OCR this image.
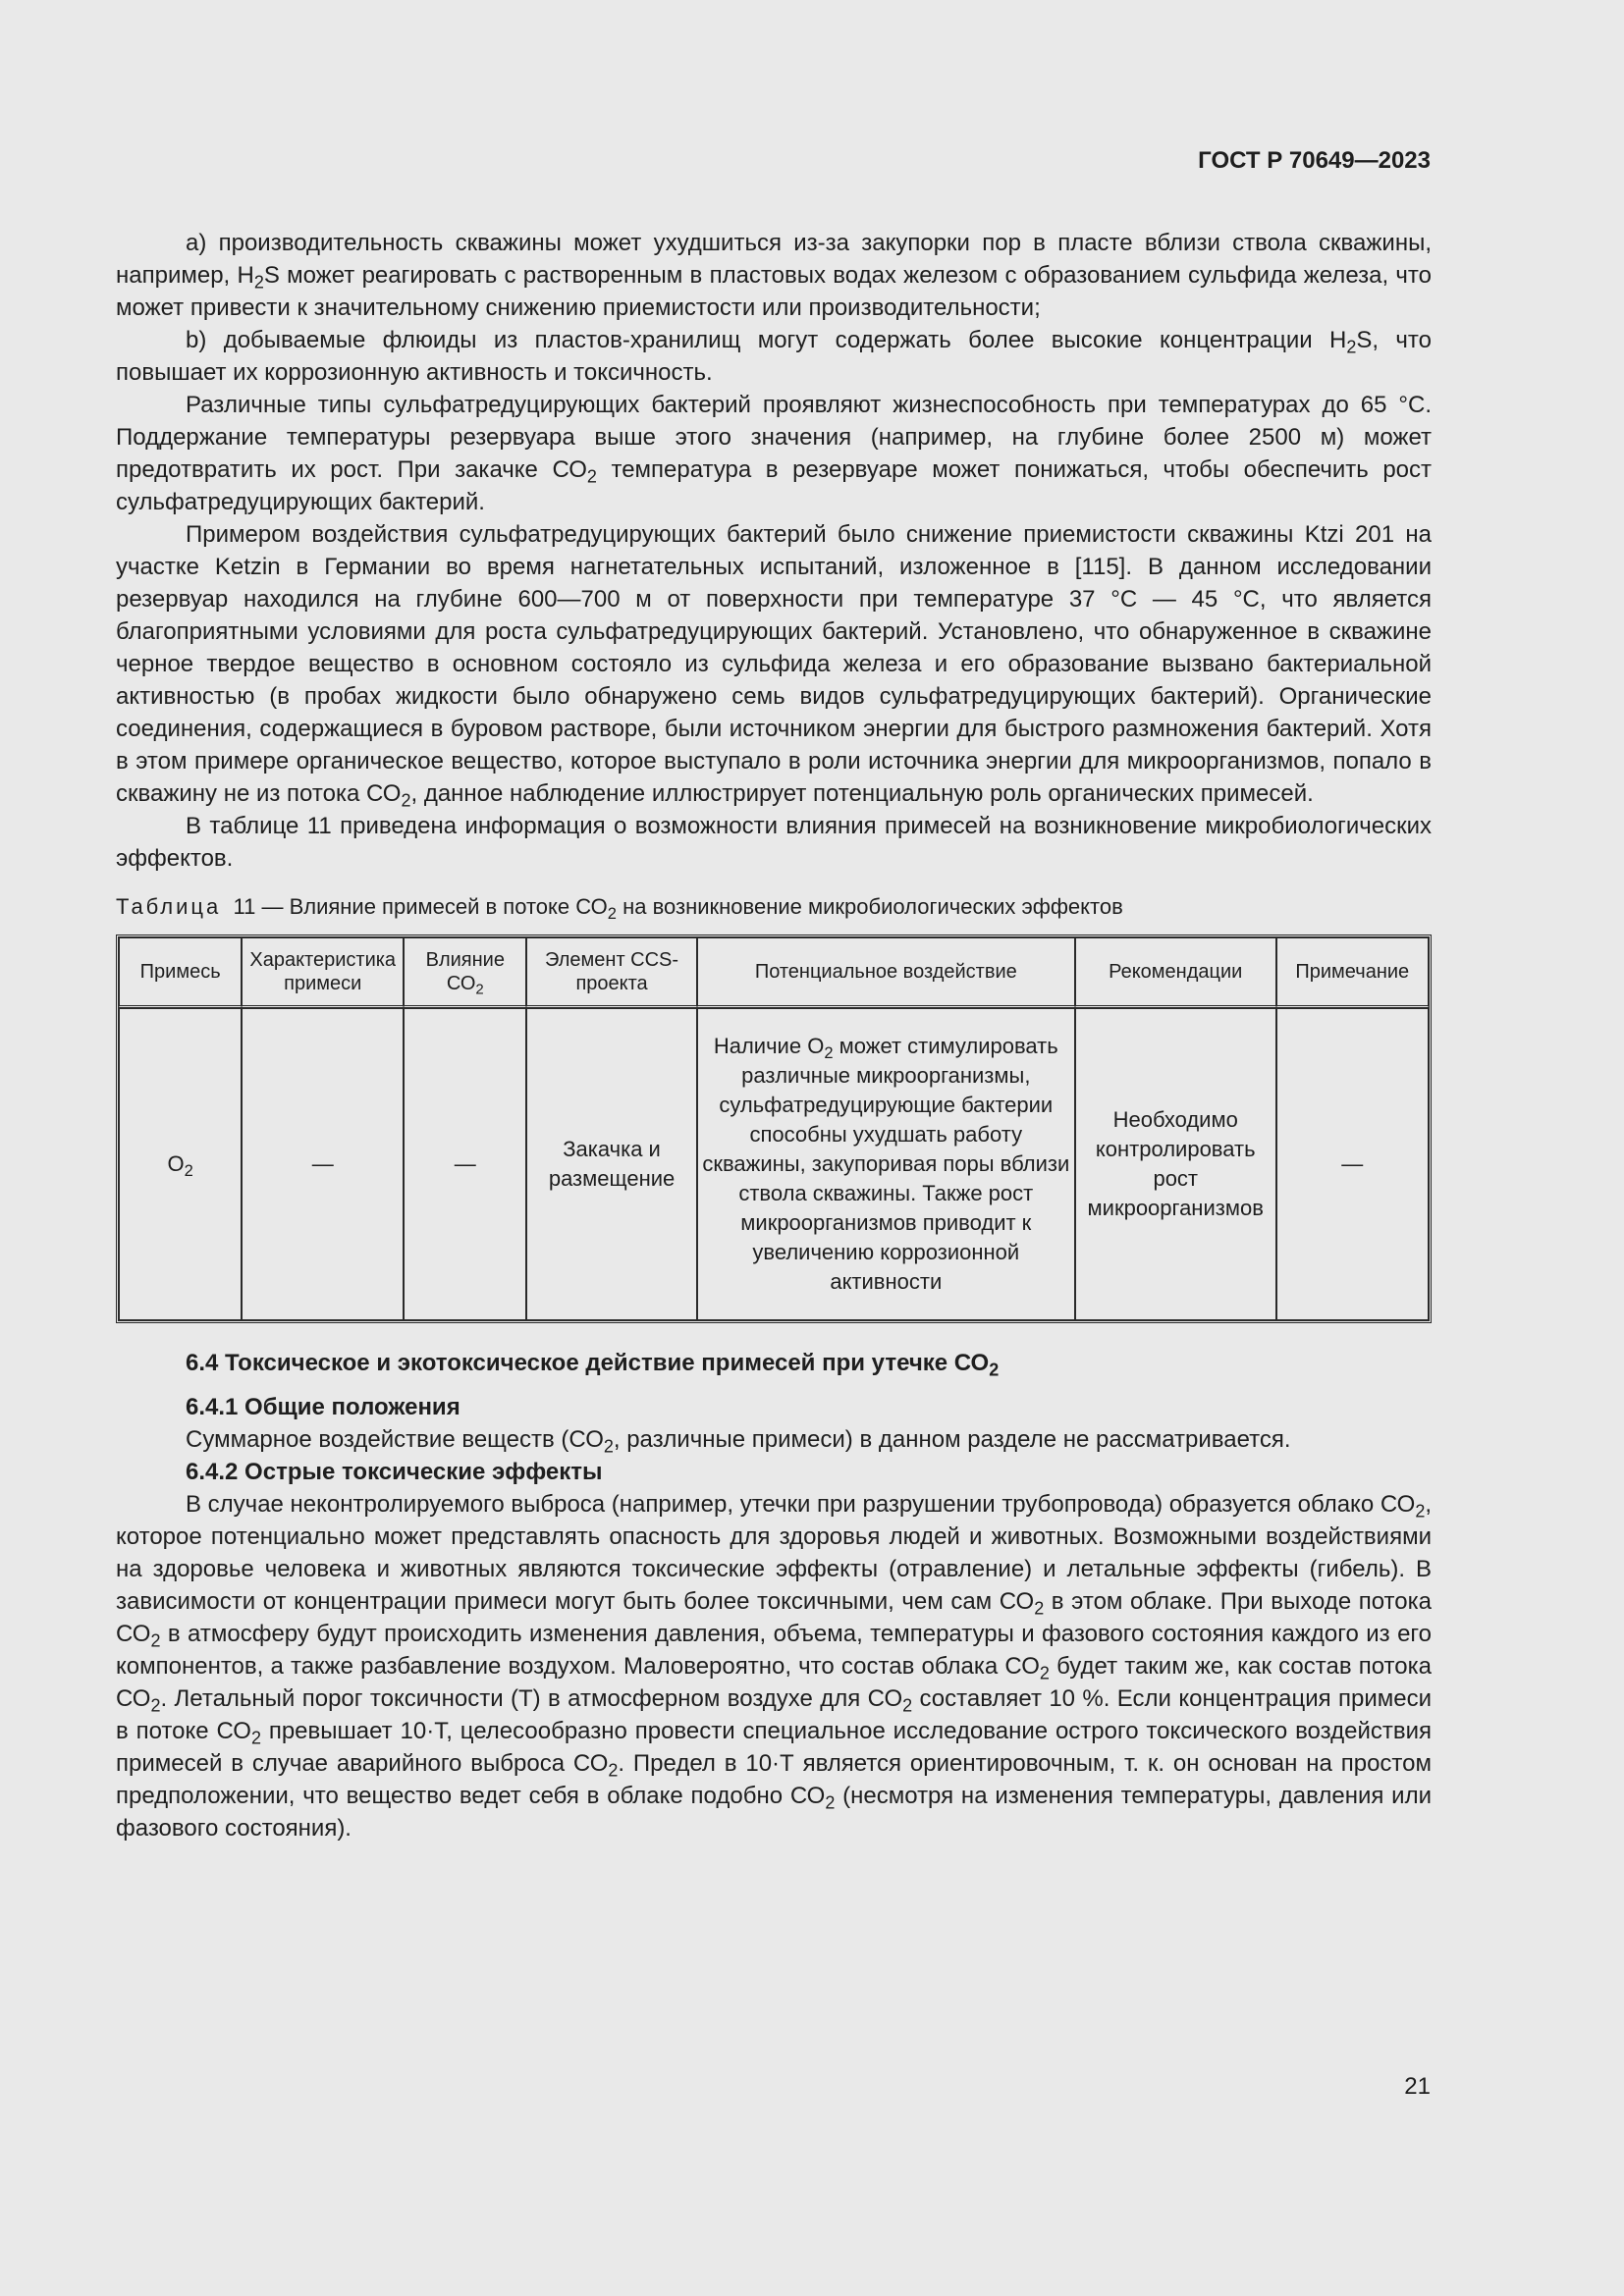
ГОСТ Р 70649—2023

а) производительность скважины может ухудшиться из-за закупорки пор в пласте вблизи ствола скважины, например, $H_2S$ может реагировать с растворенным в пластовых водах железом с образованием сульфида железа, что может привести к значительному снижению приемистости или производительности;

b) добываемые флюиды из пластов-хранилищ могут содержать более высокие концентрации $H_2S$, что повышает их коррозионную активность и токсичность.

Различные типы сульфатредуцирующих бактерий проявляют жизнеспособность при температурах до 65 °С. Поддержание температуры резервуара выше этого значения (например, на глубине более 2500 м) может предотвратить их рост. При закачке $СО_2$ температура в резервуаре может понижаться, чтобы обеспечить рост сульфатредуцирующих бактерий.

Примером воздействия сульфатредуцирующих бактерий было снижение приемистости скважины Ktzi 201 на участке Ketzin в Германии во время нагнетательных испытаний, изложенное в [115]. В данном исследовании резервуар находился на глубине 600—700 м от поверхности при температуре 37 °С — 45 °С, что является благоприятными условиями для роста сульфатредуцирующих бактерий. Установлено, что обнаруженное в скважине черное твердое вещество в основном состояло из сульфида железа и его образование вызвано бактериальной активностью (в пробах жидкости было обнаружено семь видов сульфатредуцирующих бактерий). Органические соединения, содержащиеся в буровом растворе, были источником энергии для быстрого размножения бактерий. Хотя в этом примере органическое вещество, которое выступало в роли источника энергии для микроорганизмов, попало в скважину не из потока $СО_2$, данное наблюдение иллюстрирует потенциальную роль органических примесей.

В таблице 11 приведена информация о возможности влияния примесей на возникновение микробиологических эффектов.

Таблица 11 — Влияние примесей в потоке $СО_2$ на возникновение микробиологических эффектов
Примесь	Характеристика примеси	Влияние $СО_2$	Элемент CCS-проекта	Потенциальное воздействие	Рекомендации	Примечание
$О_2$	—	—	Закачка и размещение	Наличие $О_2$ может стимулировать различные микроорганизмы, сульфатредуцирующие бактерии способны ухудшать работу скважины, закупоривая поры вблизи ствола скважины. Также рост микроорганизмов приводит к увеличению коррозионной активности	Необходимо контролировать рост микроорганизмов	—
6.4 Токсическое и экотоксическое действие примесей при утечке $СО_2$
6.4.1 Общие положения

Суммарное воздействие веществ ($СО_2$, различные примеси) в данном разделе не рассматривается.

6.4.2 Острые токсические эффекты

В случае неконтролируемого выброса (например, утечки при разрушении трубопровода) образуется облако $СО_2$, которое потенциально может представлять опасность для здоровья людей и животных. Возможными воздействиями на здоровье человека и животных являются токсические эффекты (отравление) и летальные эффекты (гибель). В зависимости от концентрации примеси могут быть более токсичными, чем сам $СО_2$ в этом облаке. При выходе потока $СО_2$ в атмосферу будут происходить изменения давления, объема, температуры и фазового состояния каждого из его компонентов, а также разбавление воздухом. Маловероятно, что состав облака $СО_2$ будет таким же, как состав потока $СО_2$. Летальный порог токсичности (Т) в атмосферном воздухе для $СО_2$ составляет 10 %. Если концентрация примеси в потоке $СО_2$ превышает 10·Т, целесообразно провести специальное исследование острого токсического воздействия примесей в случае аварийного выброса $СО_2$. Предел в 10·Т является ориентировочным, т. к. он основан на простом предположении, что вещество ведет себя в облаке подобно $СО_2$ (несмотря на изменения температуры, давления или фазового состояния).

21
